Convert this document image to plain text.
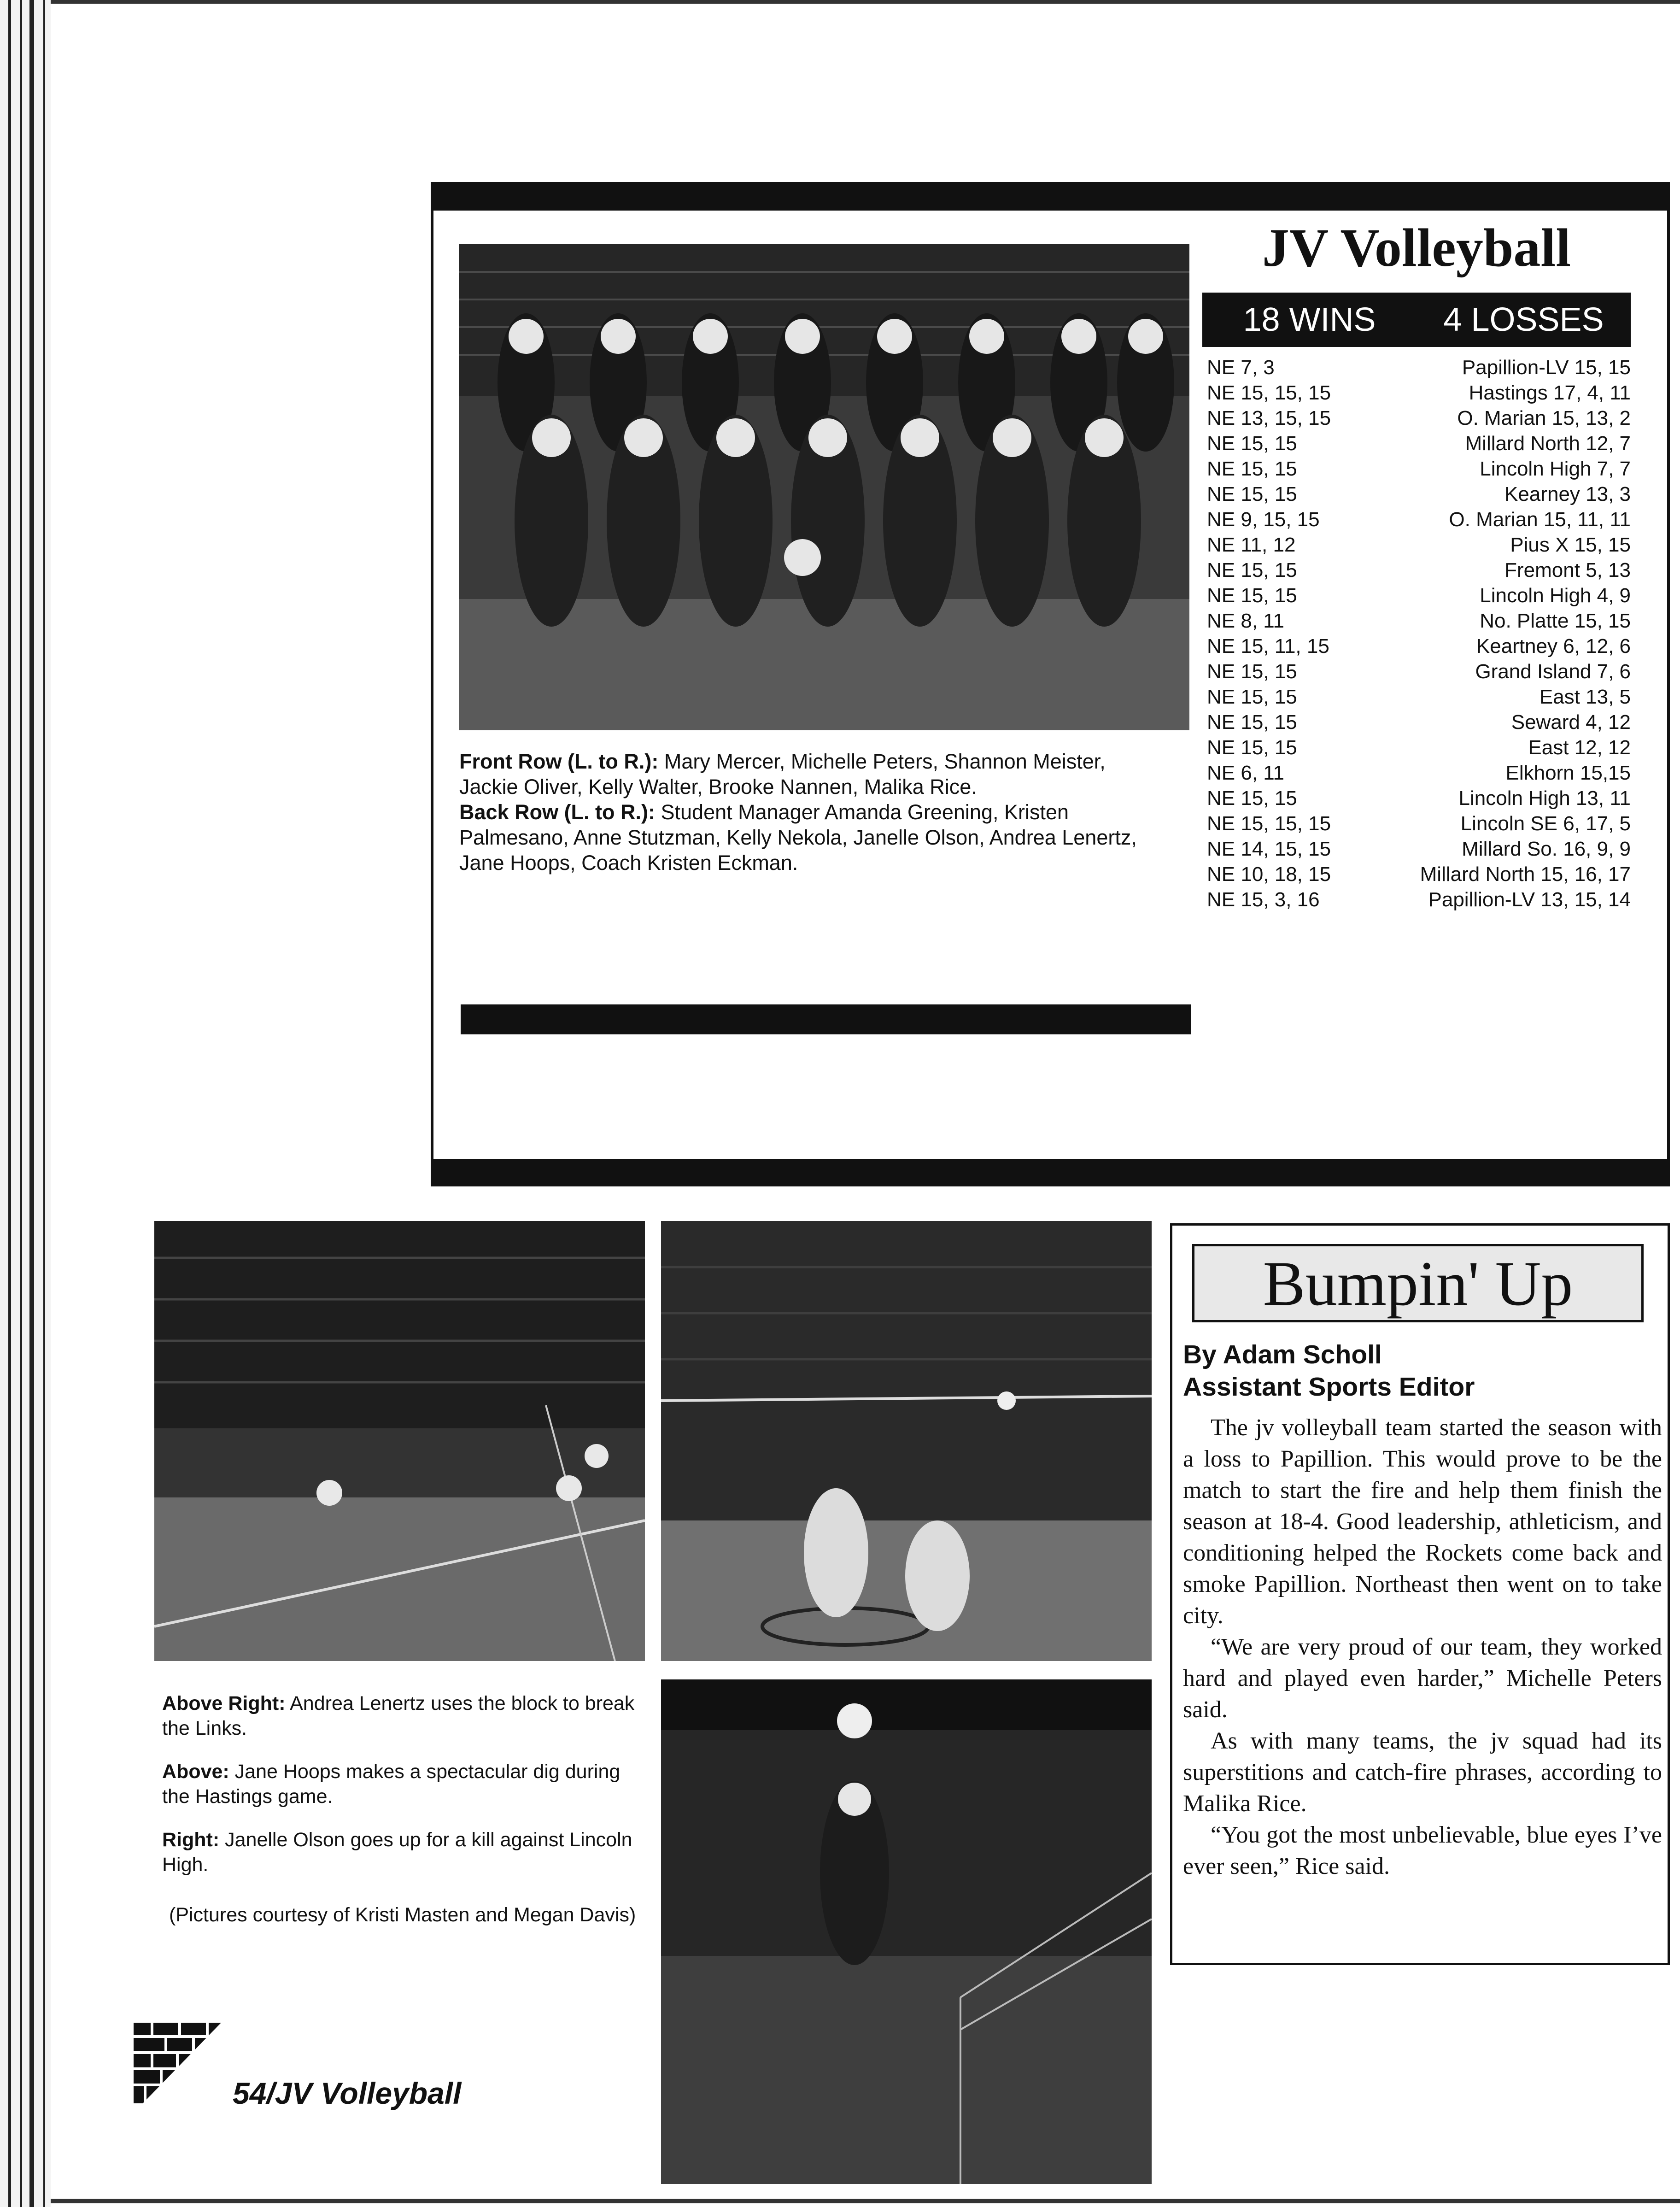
Front Row (L. to R.): Mary Mercer, Michelle Peters, Shannon Meister, Jackie Oliver, Kelly Walter, Brooke Nannen, Malika Rice.
Back Row (L. to R.): Student Manager Amanda Greening, Kristen Palmesano, Anne Stutzman, Kelly Nekola, Janelle Olson, Andrea Lenertz, Jane Hoops, Coach Kristen Eckman.
JV Volleyball
18 WINS	4 LOSSES
NE 7, 3	Papillion-LV 15, 15
NE 15, 15, 15	Hastings 17, 4, 11
NE 13, 15, 15	O. Marian 15, 13, 2
NE 15, 15	Millard North 12, 7
NE 15, 15	Lincoln High 7, 7
NE 15, 15	Kearney 13, 3
NE 9, 15, 15	O. Marian 15, 11, 11
NE 11, 12	Pius X 15, 15
NE 15, 15	Fremont 5, 13
NE 15, 15	Lincoln High 4, 9
NE 8, 11	No. Platte 15, 15
NE 15, 11, 15	Keartney 6, 12, 6
NE 15, 15	Grand Island 7, 6
NE 15, 15	East 13, 5
NE 15, 15	Seward 4, 12
NE 15, 15	East 12, 12
NE 6, 11	Elkhorn 15,15
NE 15, 15	Lincoln High 13, 11
NE 15, 15, 15	Lincoln SE 6, 17, 5
NE 14, 15, 15	Millard So. 16, 9, 9
NE 10, 18, 15	Millard North 15, 16, 17
NE 15, 3, 16	Papillion-LV 13, 15, 14

Above Right: Andrea Lenertz uses the block to break the Links.

Above: Jane Hoops makes a spectacular dig during the Hastings game.

Right: Janelle Olson goes up for a kill against Lincoln High.

(Pictures courtesy of Kristi Masten and Megan Davis)

54/JV Volleyball
Bumpin' Up
By Adam Scholl
Assistant Sports Editor

The jv volleyball team started the season with a loss to Papillion. This would prove to be the match to start the fire and help them finish the season at 18-4. Good leadership, athleticism, and conditioning helped the Rockets come back and smoke Papillion. Northeast then went on to take city.

“We are very proud of our team, they worked hard and played even harder,” Michelle Peters said.

As with many teams, the jv squad had its superstitions and catch-fire phrases, according to Malika Rice.

“You got the most unbelievable, blue eyes I’ve ever seen,” Rice said.
